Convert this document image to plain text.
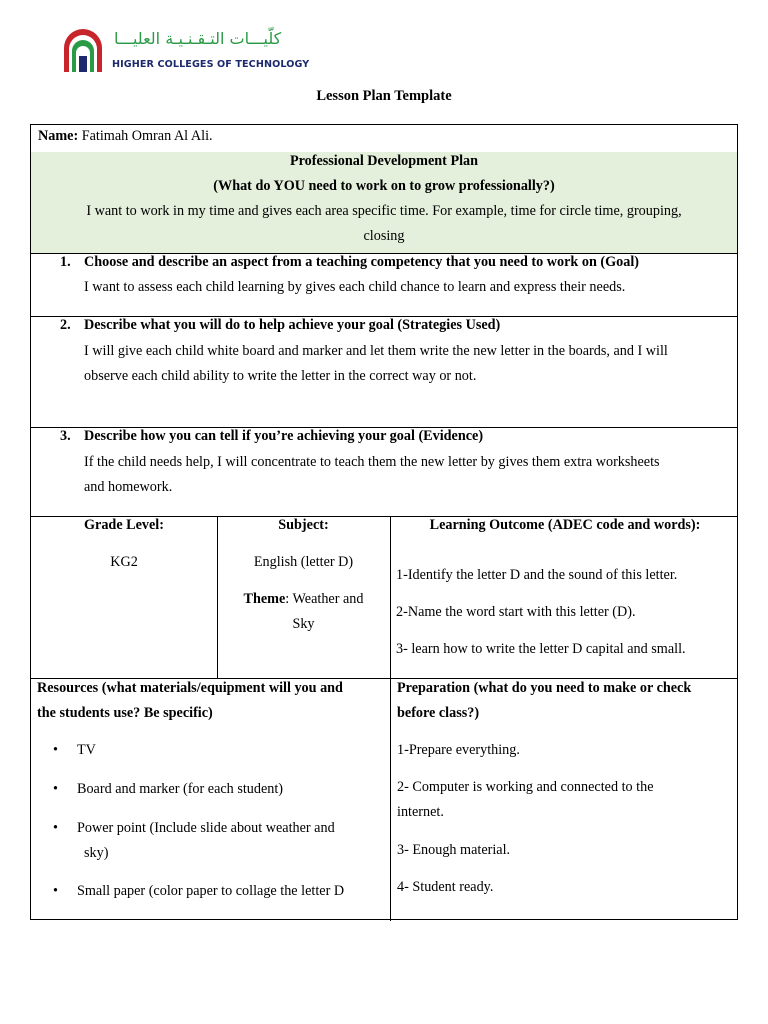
كلّيـــات التـقـنـيـة العليـــا
HIGHER COLLEGES OF TECHNOLOGY
Lesson Plan Template
Name: Fatimah Omran Al Ali.
Professional Development Plan
(What do YOU need to work on to grow professionally?)
I want to work in my time and gives each area specific time. For example, time for circle time, grouping,
closing
1. Choose and describe an aspect from a teaching competency that you need to work on (Goal)
I want to assess each child learning by gives each child chance to learn and express their needs.
2. Describe what you will do to help achieve your goal (Strategies Used)
I will give each child white board and marker and let them write the new letter in the boards, and I will
observe each child ability to write the letter in the correct way or not.
3. Describe how you can tell if you’re achieving your goal (Evidence)
If the child needs help, I will concentrate to teach them the new letter by gives them extra worksheets
and homework.
Grade Level:
KG2
Subject:
English (letter D)
Theme: Weather and
Sky
Learning Outcome (ADEC code and words):
1-Identify the letter D and the sound of this letter.
2-Name the word start with this letter (D).
3- learn how to write the letter D capital and small.
Resources (what materials/equipment will you and
the students use? Be specific)
• TV
• Board and marker (for each student)
• Power point (Include slide about weather and
sky)
• Small paper (color paper to collage the letter D
Preparation (what do you need to make or check
before class?)
1-Prepare everything.
2- Computer is working and connected to the
internet.
3- Enough material.
4- Student ready.
